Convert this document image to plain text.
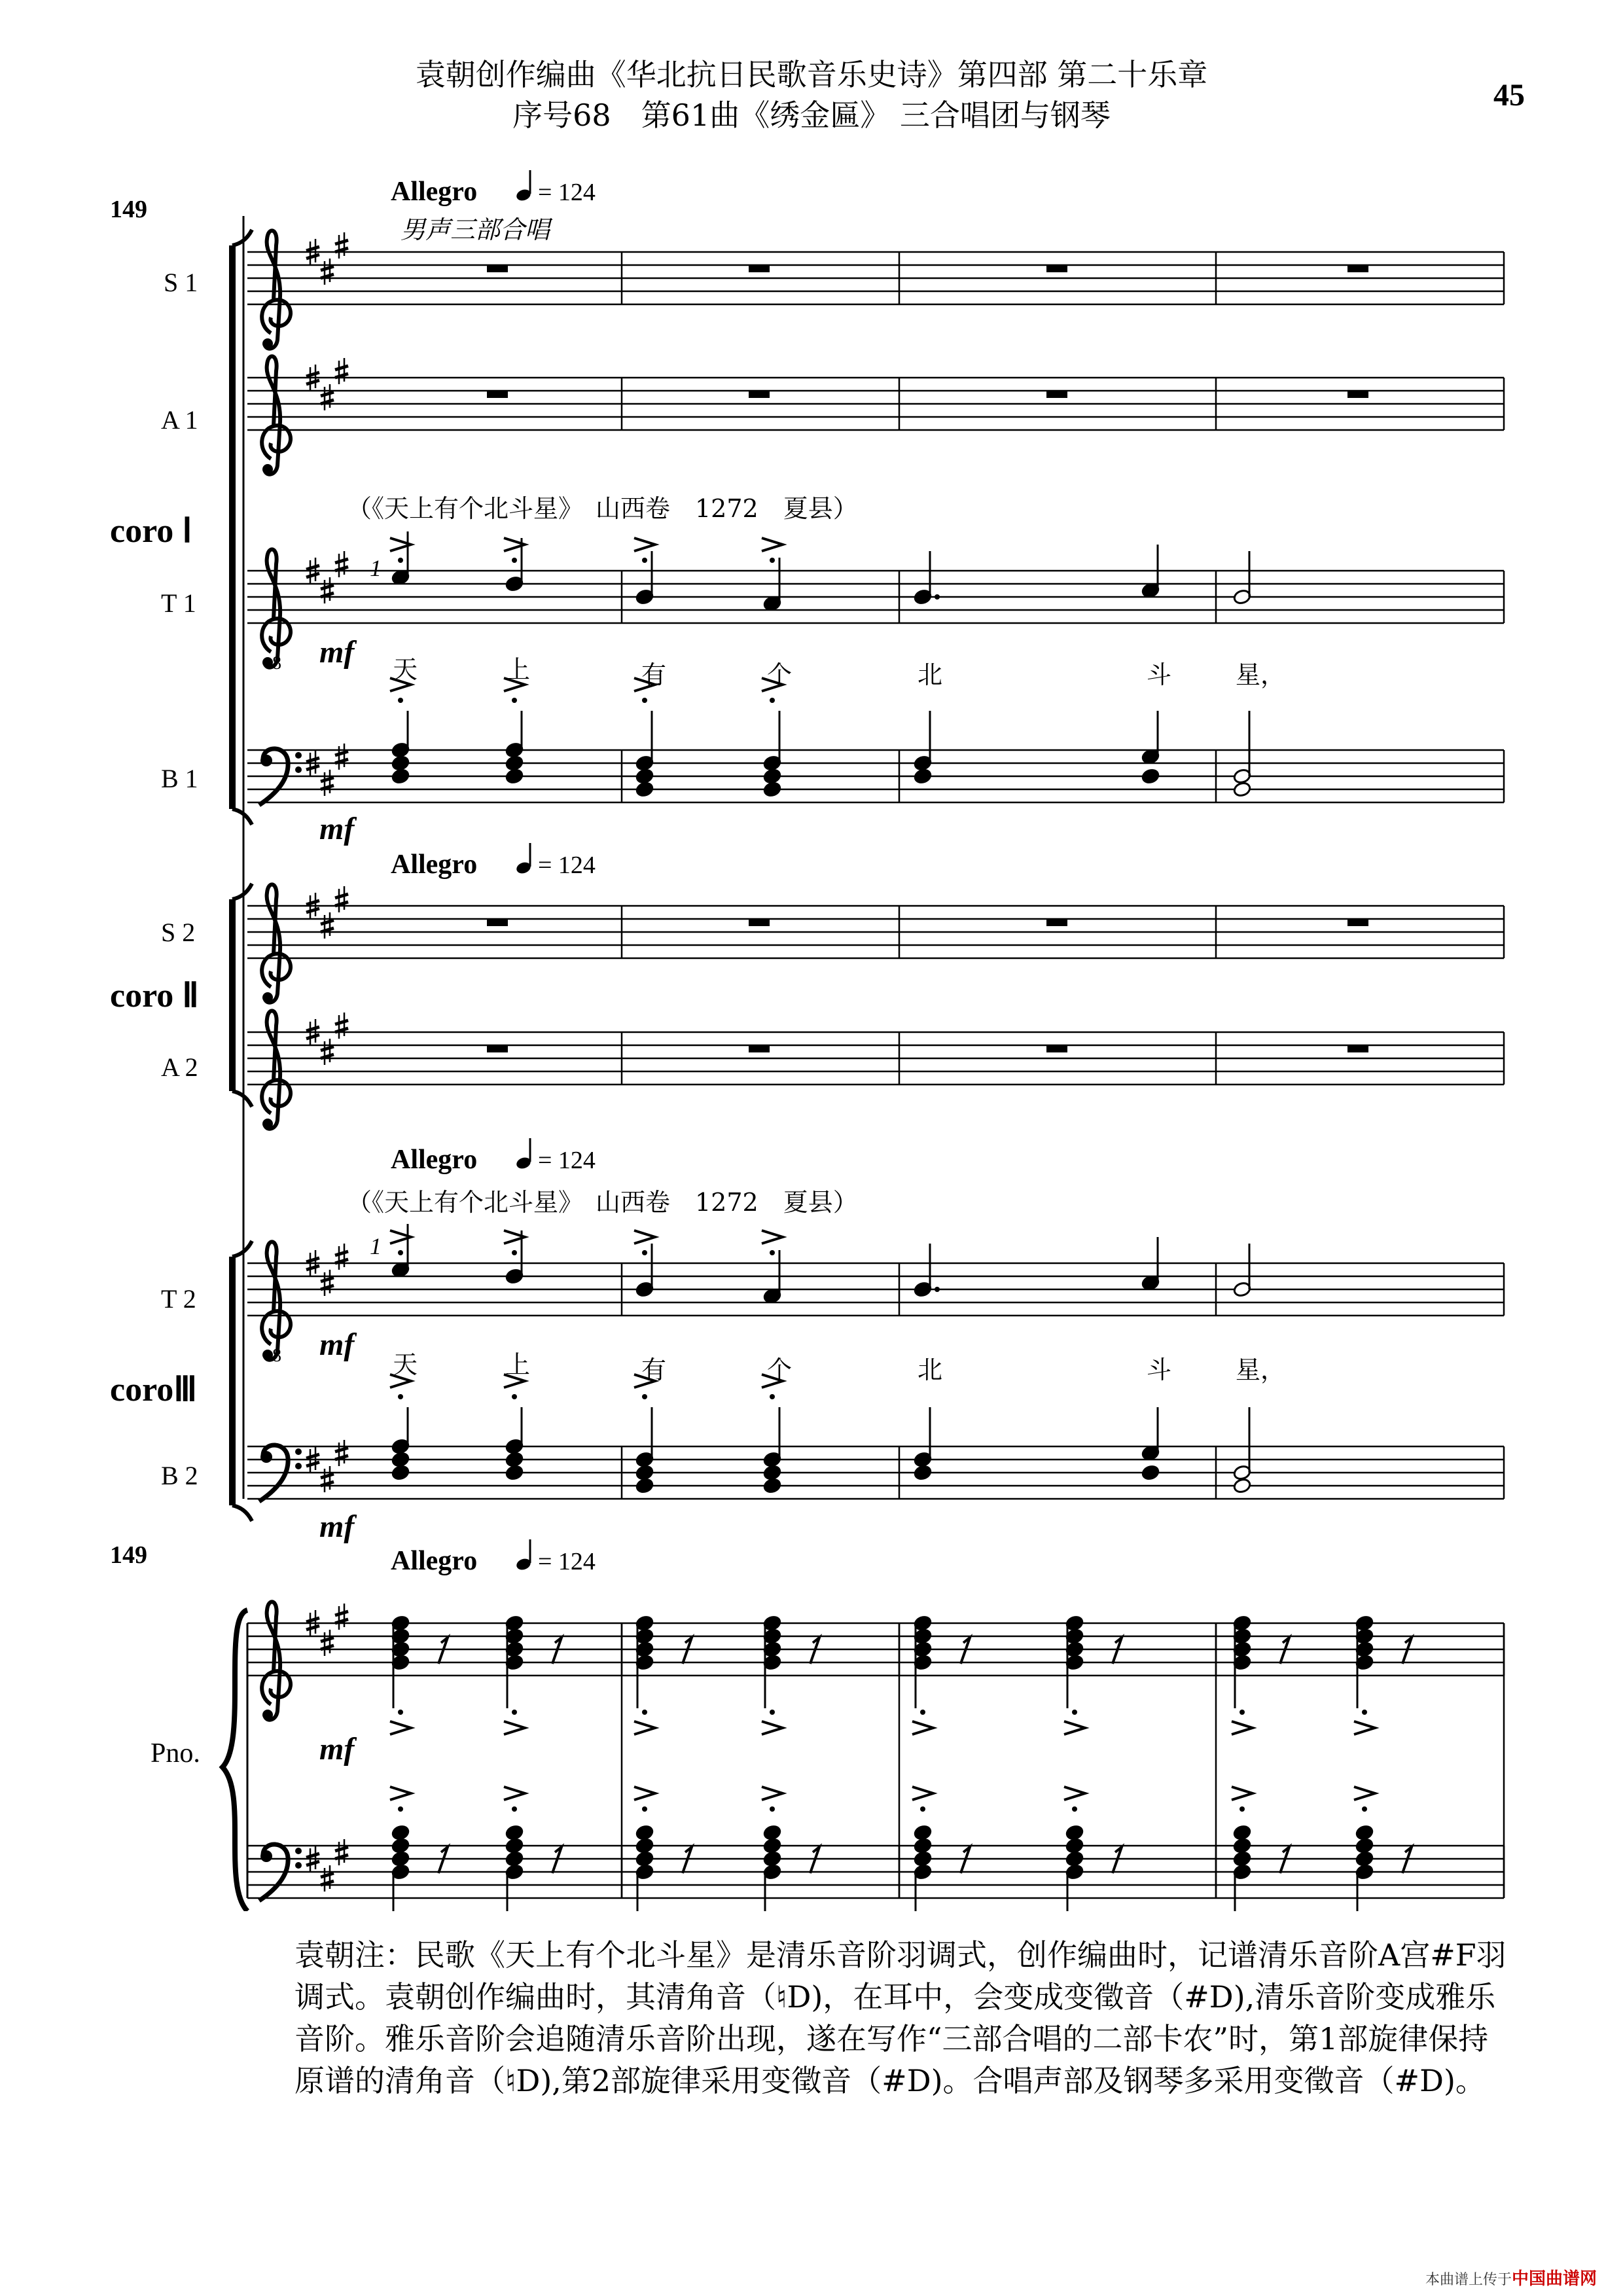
袁朝创作编曲《华北抗日民歌音乐史诗》第四部 第二十乐章
序号68　第61曲《绣金匾》 三合唱团与钢琴
45
8
8
149
149
Allegro = 124
Allegro = 124
Allegro = 124
Allegro = 124
男声三部合唱
（《天上有个北斗星》　山西卷　1272　夏县）
（《天上有个北斗星》　山西卷　1272　夏县）
S 1
A 1
coro Ⅰ
T 1
B 1
S 2
coro Ⅱ
A 2
T 2
coroⅢ
B 2
Pno.
mf
mf
mf
mf
mf
1
1
天	上	有	个	北	斗	星，
天	上	有	个	北	斗	星，
袁朝注：民歌《天上有个北斗星》是清乐音阶羽调式，创作编曲时，记谱清乐音阶A宫#F羽调式。袁朝创作编曲时，其清角音（♮D)，在耳中，会变成变徵音（#D),清乐音阶变成雅乐音阶。雅乐音阶会追随清乐音阶出现，遂在写作“三部合唱的二部卡农”时，第1部旋律保持原谱的清角音（♮D),第2部旋律采用变徵音（#D)。合唱声部及钢琴多采用变徵音（#D)。
本曲谱上传于中国曲谱网
